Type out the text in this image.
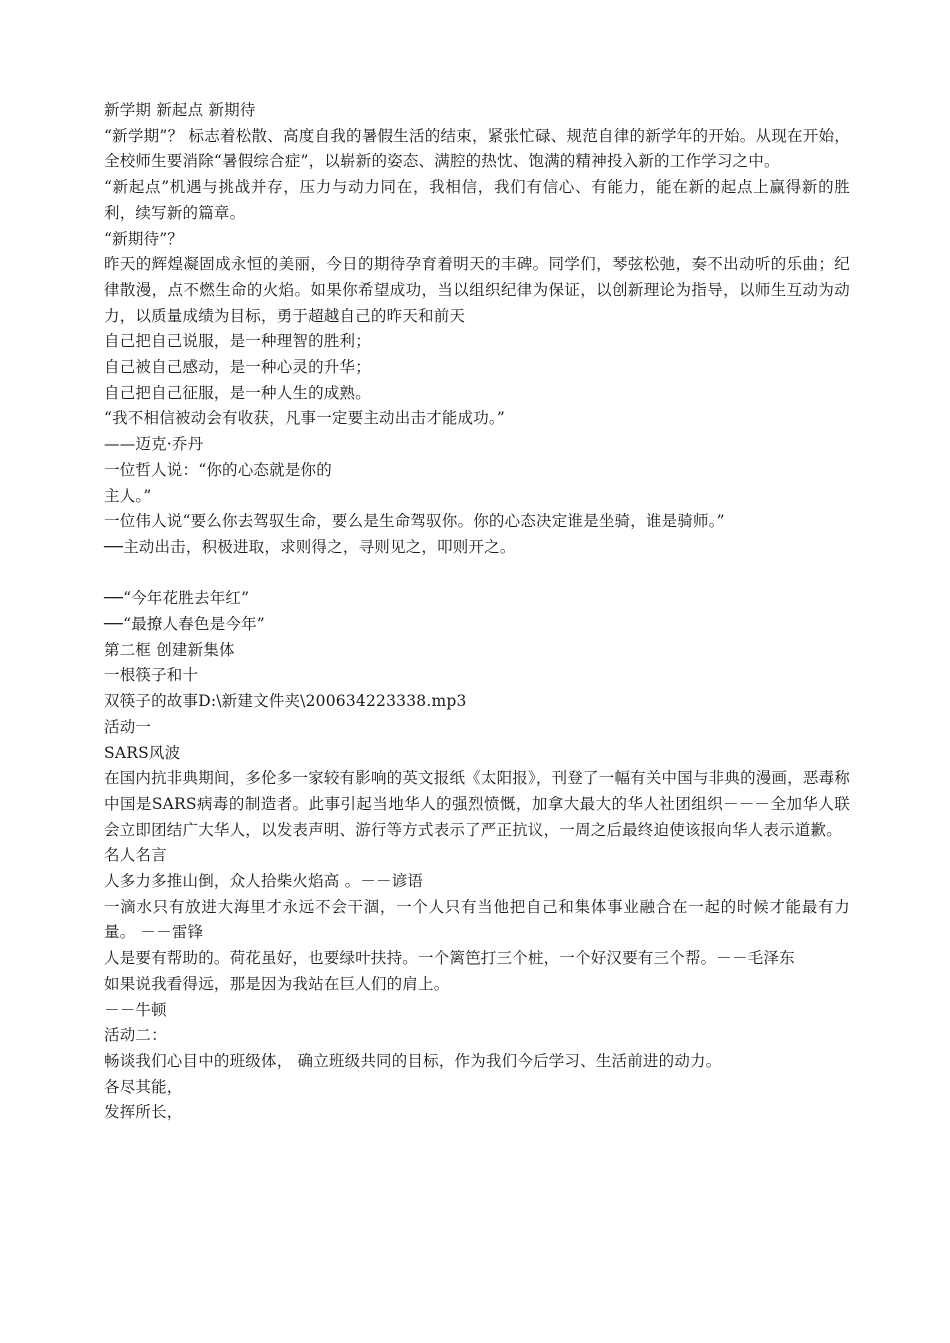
新学期 新起点 新期待

“新学期”？ 标志着松散、高度自我的暑假生活的结束，紧张忙碌、规范自律的新学年的开始。从现在开始，全校师生要消除“暑假综合症”，以崭新的姿态、满腔的热忱、饱满的精神投入新的工作学习之中。

“新起点”机遇与挑战并存，压力与动力同在，我相信，我们有信心、有能力，能在新的起点上赢得新的胜利，续写新的篇章。

“新期待”？

昨天的辉煌凝固成永恒的美丽，今日的期待孕育着明天的丰碑。同学们，琴弦松弛，奏不出动听的乐曲；纪律散漫，点不燃生命的火焰。如果你希望成功，当以组织纪律为保证，以创新理论为指导，以师生互动为动力，以质量成绩为目标，勇于超越自己的昨天和前天

自己把自己说服，是一种理智的胜利；

自己被自己感动，是一种心灵的升华；

自己把自己征服，是一种人生的成熟。

“我不相信被动会有收获，凡事一定要主动出击才能成功。”

——迈克·乔丹

一位哲人说：“你的心态就是你的

主人。”

一位伟人说“要么你去驾驭生命，要么是生命驾驭你。你的心态决定谁是坐骑，谁是骑师。”

──主动出击，积极进取，求则得之，寻则见之，叩则开之。

──“今年花胜去年红”

──“最撩人春色是今年”

第二框 创建新集体

一根筷子和十

双筷子的故事D:\新建文件夹\200634223338.mp3

活动一

SARS风波

在国内抗非典期间，多伦多一家较有影响的英文报纸《太阳报》，刊登了一幅有关中国与非典的漫画，恶毒称中国是SARS病毒的制造者。此事引起当地华人的强烈愤慨，加拿大最大的华人社团组织－－－全加华人联会立即团结广大华人，以发表声明、游行等方式表示了严正抗议，一周之后最终迫使该报向华人表示道歉。

名人名言

人多力多推山倒，众人拾柴火焰高 。－－谚语

一滴水只有放进大海里才永远不会干涸，一个人只有当他把自己和集体事业融合在一起的时候才能最有力量。 －－雷锋

人是要有帮助的。荷花虽好，也要绿叶扶持。一个篱笆打三个桩，一个好汉要有三个帮。－－毛泽东

如果说我看得远，那是因为我站在巨人们的肩上。

－－牛顿

活动二：

畅谈我们心目中的班级体， 确立班级共同的目标，作为我们今后学习、生活前进的动力。

各尽其能，

发挥所长，
